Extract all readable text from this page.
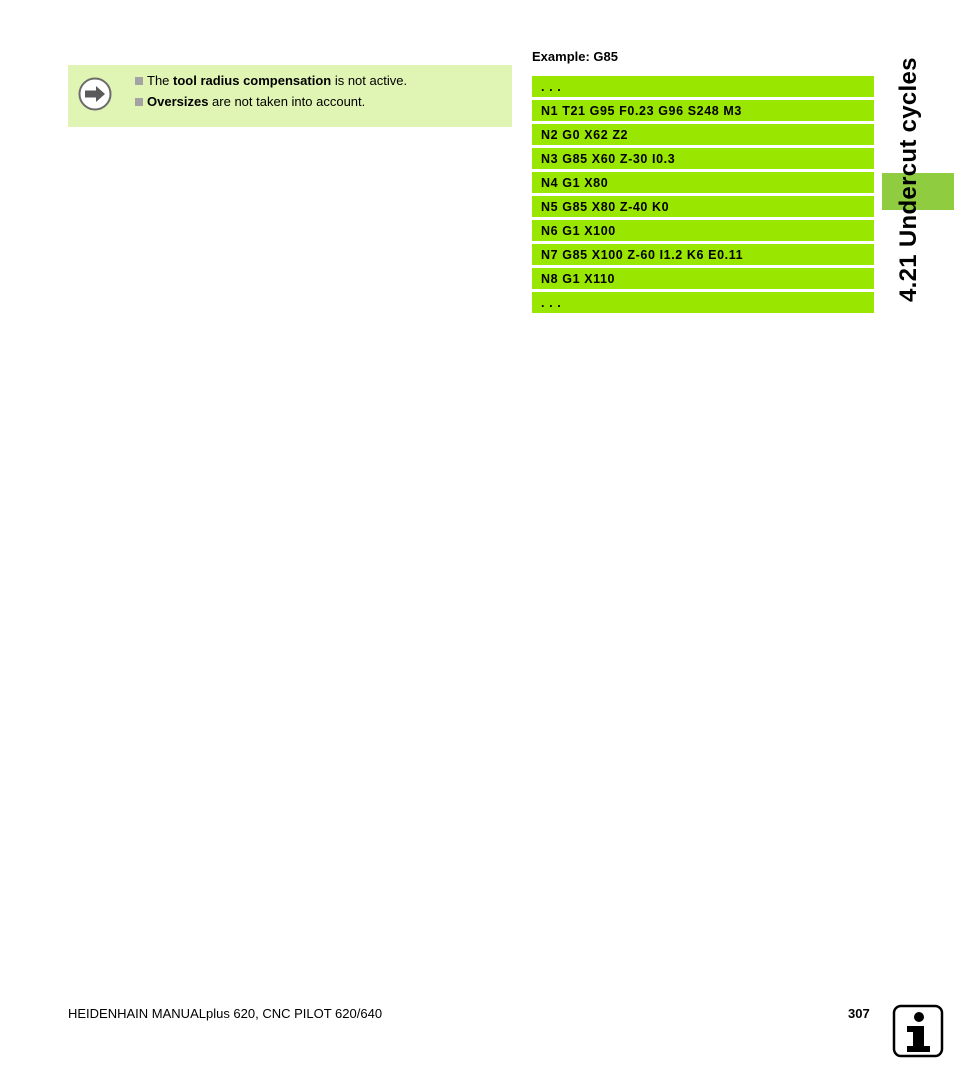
The tool radius compensation is not active.
Oversizes are not taken into account.
Example: G85
. . .
N1 T21 G95 F0.23 G96 S248 M3
N2 G0 X62 Z2
N3 G85 X60 Z-30 I0.3
N4 G1 X80
N5 G85 X80 Z-40 K0
N6 G1 X100
N7 G85 X100 Z-60 I1.2 K6 E0.11
N8 G1 X110
. . .
4.21 Undercut cycles
HEIDENHAIN MANUALplus 620, CNC PILOT 620/640	307
